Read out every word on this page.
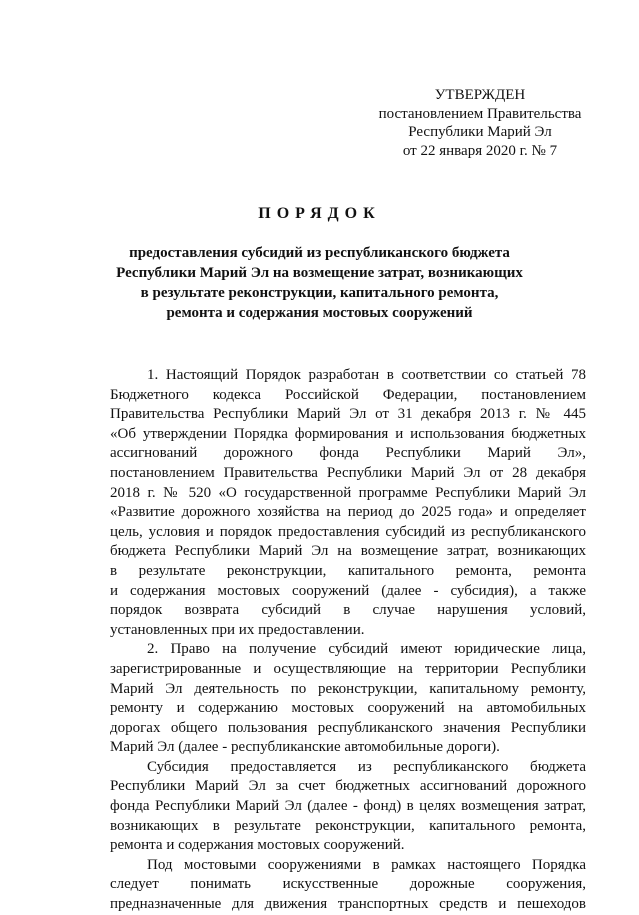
УТВЕРЖДЕН
постановлением Правительства
Республики Марий Эл
от 22 января 2020 г. № 7
ПОРЯДОК
предоставления субсидий из республиканского бюджета
Республики Марий Эл на возмещение затрат, возникающих
в результате реконструкции, капитального ремонта,
ремонта и содержания мостовых сооружений
1. Настоящий Порядок разработан в соответствии со статьей 78
Бюджетного кодекса Российской Федерации, постановлением
Правительства Республики Марий Эл от 31 декабря 2013 г. № 445
«Об утверждении Порядка формирования и использования бюджетных
ассигнований дорожного фонда Республики Марий Эл»,
постановлением Правительства Республики Марий Эл от 28 декабря
2018 г. № 520 «О государственной программе Республики Марий Эл
«Развитие дорожного хозяйства на период до 2025 года» и определяет
цель, условия и порядок предоставления субсидий из республиканского
бюджета Республики Марий Эл на возмещение затрат, возникающих
в результате реконструкции, капитального ремонта, ремонта
и содержания мостовых сооружений (далее - субсидия), а также
порядок возврата субсидий в случае нарушения условий,
установленных при их предоставлении.
2. Право на получение субсидий имеют юридические лица,
зарегистрированные и осуществляющие на территории Республики
Марий Эл деятельность по реконструкции, капитальному ремонту,
ремонту и содержанию мостовых сооружений на автомобильных
дорогах общего пользования республиканского значения Республики
Марий Эл (далее - республиканские автомобильные дороги).
Субсидия предоставляется из республиканского бюджета
Республики Марий Эл за счет бюджетных ассигнований дорожного
фонда Республики Марий Эл (далее - фонд) в целях возмещения затрат,
возникающих в результате реконструкции, капитального ремонта,
ремонта и содержания мостовых сооружений.
Под мостовыми сооружениями в рамках настоящего Порядка
следует понимать искусственные дорожные сооружения,
предназначенные для движения транспортных средств и пешеходов
